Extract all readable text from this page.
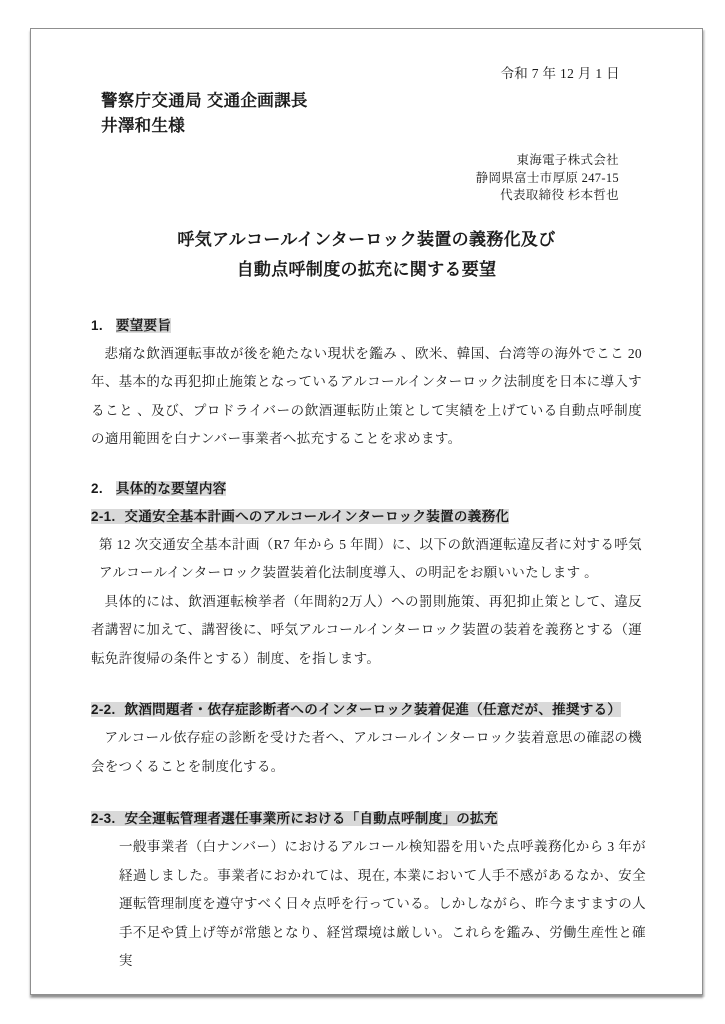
令和 7 年 12 月 1 日
警察庁交通局 交通企画課長
井澤和生様
東海電子株式会社
静岡県富士市厚原 247-15
代表取締役 杉本哲也
呼気アルコールインターロック装置の義務化及び
自動点呼制度の拡充に関する要望
1. 要望要旨

悲痛な飲酒運転事故が後を絶たない現状を鑑み 、欧米、韓国、台湾等の海外でここ 20 年、基本的な再犯抑止施策となっているアルコールインターロック法制度を日本に導入すること 、及び、プロドライバーの飲酒運転防止策として実績を上げている自動点呼制度の適用範囲を白ナンバー事業者へ拡充することを求めます。

2. 具体的な要望内容
2-1. 交通安全基本計画へのアルコールインターロック装置の義務化

第 12 次交通安全基本計画（R7 年から 5 年間）に、以下の飲酒運転違反者に対する呼気アルコールインターロック装置装着化法制度導入、の明記をお願いいたします 。

具体的には、飲酒運転検挙者（年間約2万人）への罰則施策、再犯抑止策として、違反者講習に加えて、講習後に、呼気アルコールインターロック装置の装着を義務とする（運転免許復帰の条件とする）制度、を指します。

2-2. 飲酒問題者・依存症診断者へのインターロック装着促進（任意だが、推奨する）

アルコール依存症の診断を受けた者へ、アルコールインターロック装着意思の確認の機会をつくることを制度化する。

2-3. 安全運転管理者選任事業所における「自動点呼制度」の拡充

一般事業者（白ナンバー）におけるアルコール検知器を用いた点呼義務化から 3 年が経過しました。事業者におかれては、現在, 本業において人手不感があるなか、安全運転管理制度を遵守すべく日々点呼を行っている。しかしながら、昨今ますますの人手不足や賃上げ等が常態となり、経営環境は厳しい。これらを鑑み、労働生産性と確実
